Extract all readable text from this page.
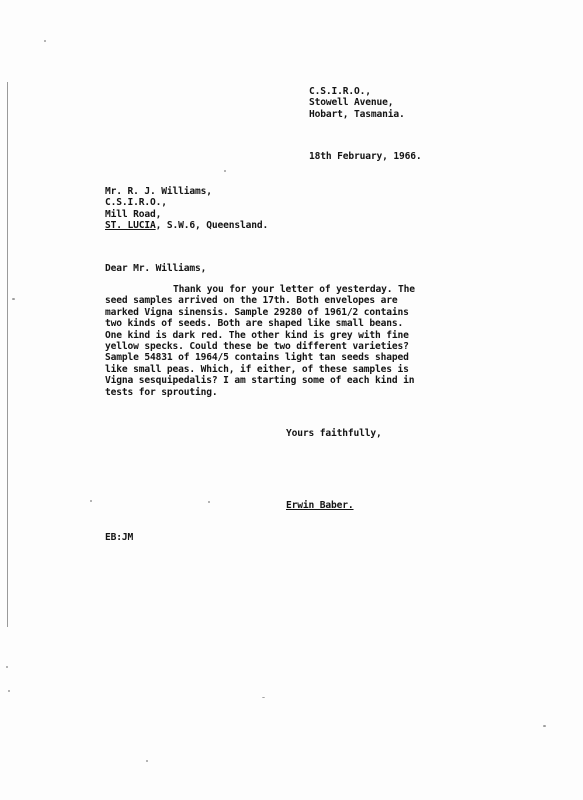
C.S.I.R.O.,
Stowell Avenue,
Hobart, Tasmania.
18th February, 1966.
Mr. R. J. Williams,
C.S.I.R.O.,
Mill Road,
ST. LUCIA, S.W.6, Queensland.
Dear Mr. Williams,
Thank you for your letter of yesterday. The
seed samples arrived on the 17th. Both envelopes are
marked Vigna sinensis. Sample 29280 of 1961/2 contains
two kinds of seeds. Both are shaped like small beans.
One kind is dark red. The other kind is grey with fine
yellow specks. Could these be two different varieties?
Sample 54831 of 1964/5 contains light tan seeds shaped
like small peas. Which, if either, of these samples is
Vigna sesquipedalis? I am starting some of each kind in
tests for sprouting.
Yours faithfully,
Erwin Baber.
EB:JM
